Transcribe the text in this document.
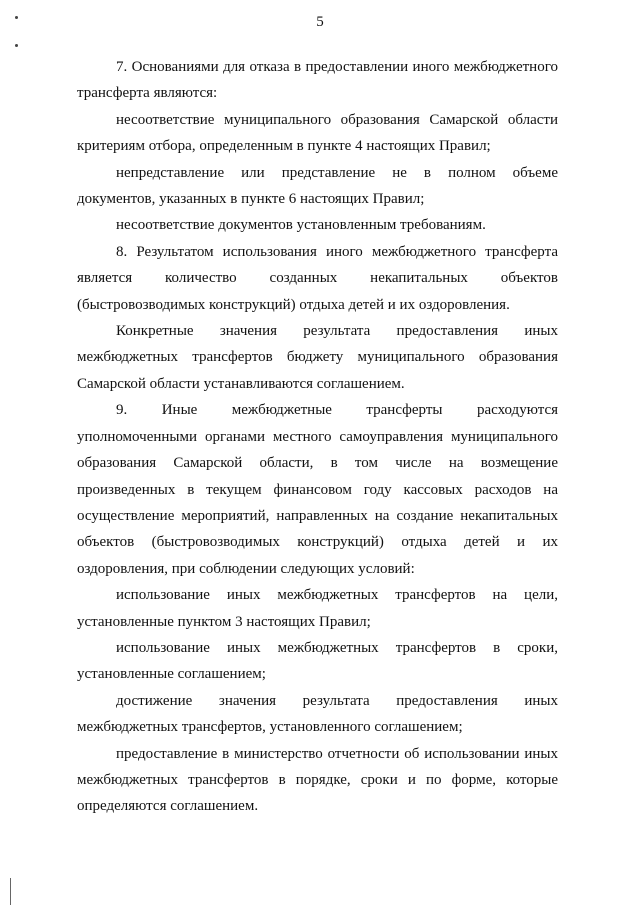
5

7. Основаниями для отказа в предоставлении иного межбюджетного трансферта являются:

несоответствие муниципального образования Самарской области критериям отбора, определенным в пункте 4 настоящих Правил;

непредставление или представление не в полном объеме документов, указанных в пункте 6 настоящих Правил;

несоответствие документов установленным требованиям.

8. Результатом использования иного межбюджетного трансферта является количество созданных некапитальных объектов (быстровозводимых конструкций) отдыха детей и их оздоровления.

Конкретные значения результата предоставления иных межбюджетных трансфертов бюджету муниципального образования Самарской области устанавливаются соглашением.

9. Иные межбюджетные трансферты расходуются уполномоченными органами местного самоуправления муниципального образования Самарской области, в том числе на возмещение произведенных в текущем финансовом году кассовых расходов на осуществление мероприятий, направленных на создание некапитальных объектов (быстровозводимых конструкций) отдыха детей и их оздоровления, при соблюдении следующих условий:

использование иных межбюджетных трансфертов на цели, установленные пунктом 3 настоящих Правил;

использование иных межбюджетных трансфертов в сроки, установленные соглашением;

достижение значения результата предоставления иных межбюджетных трансфертов, установленного соглашением;

предоставление в министерство отчетности об использовании иных межбюджетных трансфертов в порядке, сроки и по форме, которые определяются соглашением.
